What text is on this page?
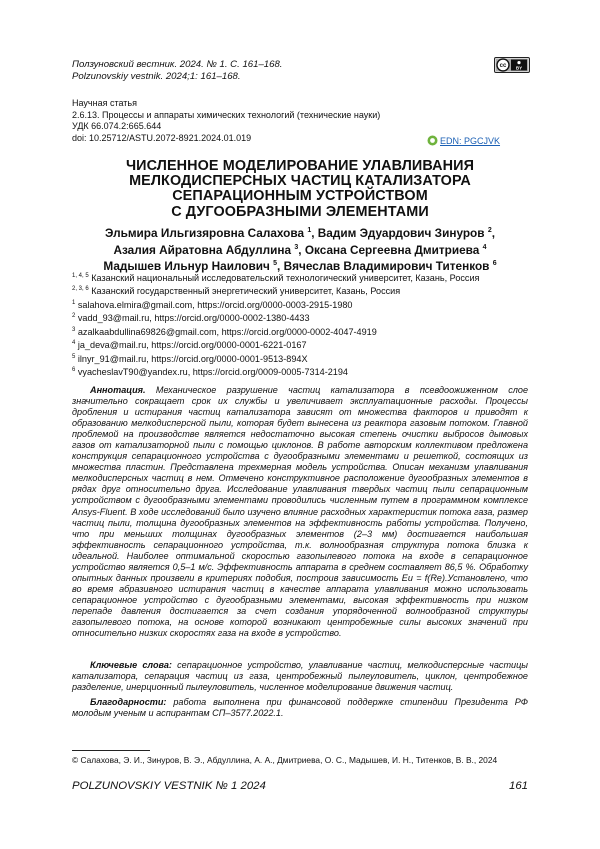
Ползуновский вестник. 2024. № 1. С. 161–168.
Polzunovskiy vestnik. 2024;1: 161–168.
cc BY
Научная статья
2.6.13. Процессы и аппараты химических технологий (технические науки)
УДК 66.074.2:665.644
doi: 10.25712/ASTU.2072-8921.2024.01.019	EDN: PGCJVK
ЧИСЛЕННОЕ МОДЕЛИРОВАНИЕ УЛАВЛИВАНИЯ
МЕЛКОДИСПЕРСНЫХ ЧАСТИЦ КАТАЛИЗАТОРА
СЕПАРАЦИОННЫМ УСТРОЙСТВОМ
С ДУГООБРАЗНЫМИ ЭЛЕМЕНТАМИ
Эльмира Ильгизяровна Салахова $^1$, Вадим Эдуардович Зинуров $^2$,
Азалия Айратовна Абдуллина $^3$, Оксана Сергеевна Дмитриева $^4$
Мадышев Ильнур Наилович $^5$, Вячеслав Владимирович Титенков $^6$
$^{1, 4, 5}$ Казанский национальный исследовательский технологический университет, Казань, Россия
$^{2, 3, 6}$ Казанский государственный энергетический университет, Казань, Россия
$^1$ salahova.elmira@gmail.com, https://orcid.org/0000-0003-2915-1980
$^2$ vadd_93@mail.ru, https://orcid.org/0000-0002-1380-4433
$^3$ azalkaabdullina69826@gmail.com, https://orcid.org/0000-0002-4047-4919
$^4$ ja_deva@mail.ru, https://orcid.org/0000-0001-6221-0167
$^5$ ilnyr_91@mail.ru, https://orcid.org/0000-0001-9513-894X
$^6$ vyacheslavT90@yandex.ru, https://orcid.org/0009-0005-7314-2194
Аннотация. Механическое разрушение частиц катализатора в псевдоожиженном слое значительно сокращает срок их службы и увеличивает эксплуатационные расходы. Процессы дробления и истирания частиц катализатора зависят от множества факторов и приводят к образованию мелкодисперсной пыли, которая будет вынесена из реактора газовым потоком. Главной проблемой на производстве является недостаточно высокая степень очистки выбросов дымовых газов от катализаторной пыли с помощью циклонов. В работе авторским коллективом предложена конструкция сепарационного устройства с дугообразными элементами и решеткой, состоящих из множества пластин. Представлена трехмерная модель устройства. Описан механизм улавливания мелкодисперсных частиц в нем. Отмечено конструктивное расположение дугообразных элементов в рядах друг относительно друга. Исследование улавливания твердых частиц пыли сепарационным устройством с дугообразными элементами проводились численным путем в программном комплексе Ansys-Fluent. В ходе исследований было изучено влияние расходных характеристик потока газа, размер частиц пыли, толщина дугообразных элементов на эффективность работы устройства. Получено, что при меньших толщинах дугообразных элементов (2–3 мм) достигается наибольшая эффективность сепарационного устройства, т.к. волнообразная структура потока близка к идеальной. Наиболее оптимальной скоростью газопылевого потока на входе в сепарационное устройство является 0,5–1 м/с. Эффективность аппарата в среднем составляет 86,5 %. Обработку опытных данных произвели в критериях подобия, построив зависимость Eu = f(Re).Установлено, что во время абразивного истирания частиц в качестве аппарата улавливания можно использовать сепарационное устройство с дугообразными элементами, высокая эффективность при низком перепаде давления достигается за счет создания упорядоченной волнообразной структуры газопылевого потока, на основе которой возникают центробежные силы высоких значений при относительно низких скоростях газа на входе в устройство.
Ключевые слова: сепарационное устройство, улавливание частиц, мелкодисперсные частицы катализатора, сепарация частиц из газа, центробежный пылеуловитель, циклон, центробежное разделение, инерционный пылеуловитель, численное моделирование движения частиц.
Благодарности: работа выполнена при финансовой поддержке стипендии Президента РФ молодым ученым и аспирантам СП–3577.2022.1.
© Салахова, Э. И., Зинуров, В. Э., Абдуллина, А. А., Дмитриева, О. С., Мадышев, И. Н., Титенков, В. В., 2024
POLZUNOVSKIY VESTNIK № 1 2024	161
